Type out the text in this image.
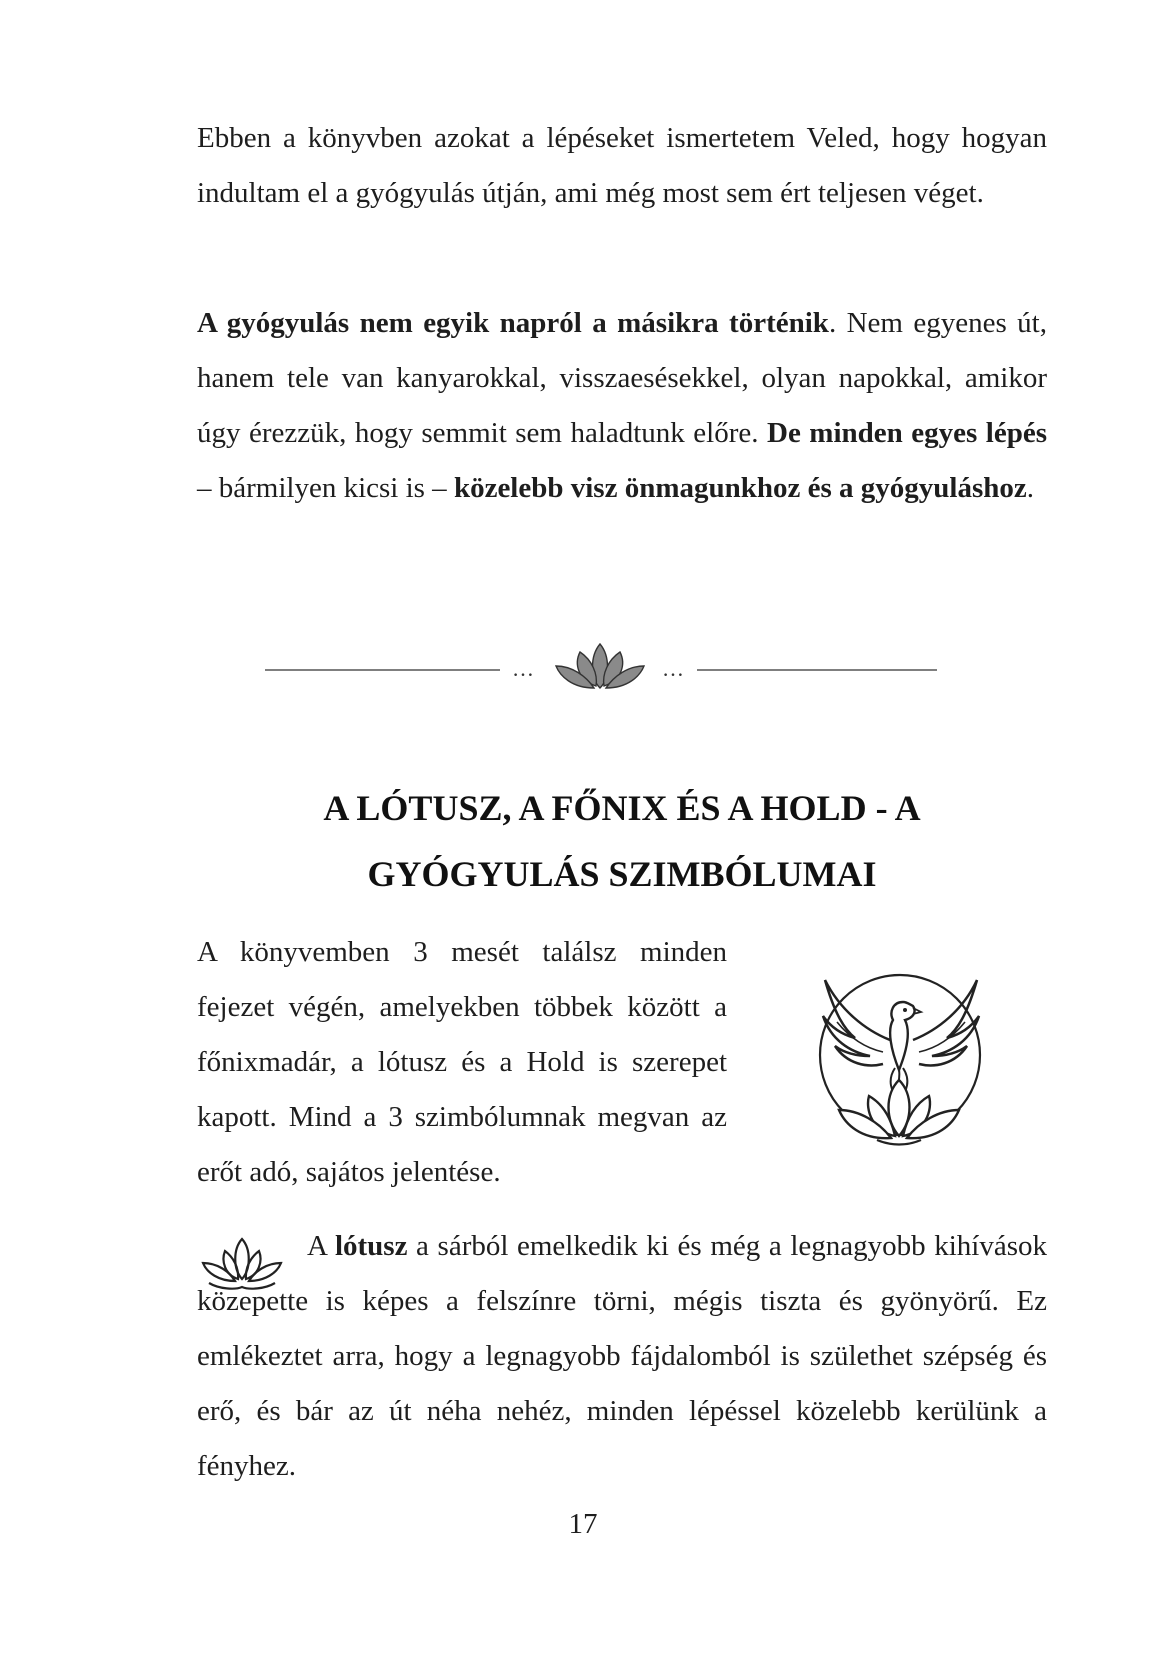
Ebben a könyvben azokat a lépéseket ismertetem Veled, hogy hogyan indultam el a gyógyulás útján, ami még most sem ért teljesen véget.

A gyógyulás nem egyik napról a másikra történik. Nem egyenes út, hanem tele van kanyarokkal, visszaesésekkel, olyan napokkal, amikor úgy érezzük, hogy semmit sem haladtunk előre. De minden egyes lépés – bármilyen kicsi is – közelebb visz önmagunkhoz és a gyógyuláshoz.

…	…
A LÓTUSZ, A FŐNIX ÉS A HOLD - A
GYÓGYULÁS SZIMBÓLUMAI

A könyvemben 3 mesét találsz minden fejezet végén, amelyekben többek között a főnixmadár, a lótusz és a Hold is szerepet kapott. Mind a 3 szimbólumnak megvan az erőt adó, sajátos jelentése.

A lótusz a sárból emelkedik ki és még a legnagyobb kihívások közepette is képes a felszínre törni, mégis tiszta és gyönyörű. Ez emlékeztet arra, hogy a legnagyobb fájdalomból is születhet szépség és erő, és bár az út néha nehéz, minden lépéssel közelebb kerülünk a fényhez.

17
